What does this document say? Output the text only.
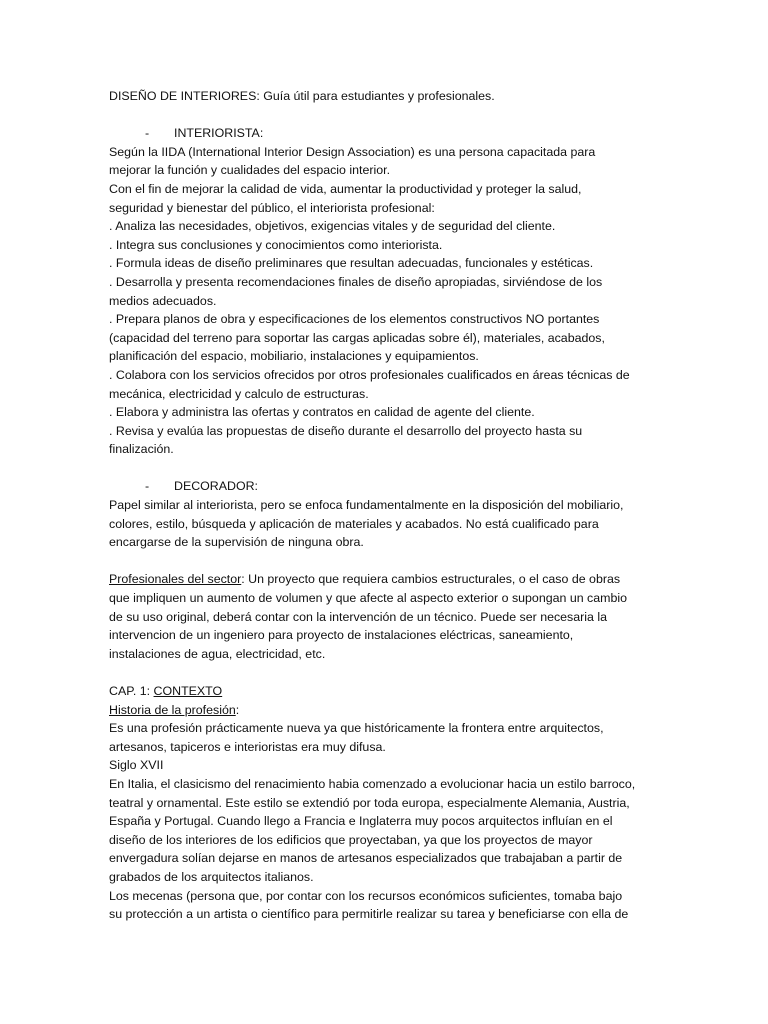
DISEÑO DE INTERIORES: Guía útil para estudiantes y profesionales.

-	INTERIORISTA:

Según la IIDA (International Interior Design Association) es una persona capacitada para

mejorar la función y cualidades del espacio interior.

Con el fin de mejorar la calidad de vida, aumentar la productividad y proteger la salud,

seguridad y bienestar del público, el interiorista profesional:

. Analiza las necesidades, objetivos, exigencias vitales y de seguridad del cliente.

. Integra sus conclusiones y conocimientos como interiorista.

. Formula ideas de diseño preliminares que resultan adecuadas, funcionales y estéticas.

. Desarrolla y presenta recomendaciones finales de diseño apropiadas, sirviéndose de los

medios adecuados.

. Prepara planos de obra y especificaciones de los elementos constructivos NO portantes

(capacidad del terreno para soportar las cargas aplicadas sobre él), materiales, acabados,

planificación del espacio, mobiliario, instalaciones y equipamientos.

. Colabora con los servicios ofrecidos por otros profesionales cualificados en áreas técnicas de

mecánica, electricidad y calculo de estructuras.

. Elabora y administra las ofertas y contratos en calidad de agente del cliente.

. Revisa y evalúa las propuestas de diseño durante el desarrollo del proyecto hasta su

finalización.

-	DECORADOR:

Papel similar al interiorista, pero se enfoca fundamentalmente en la disposición del mobiliario,

colores, estilo, búsqueda y aplicación de materiales y acabados. No está cualificado para

encargarse de la supervisión de ninguna obra.

Profesionales del sector: Un proyecto que requiera cambios estructurales, o el caso de obras

que impliquen un aumento de volumen y que afecte al aspecto exterior o supongan un cambio

de su uso original, deberá contar con la intervención de un técnico. Puede ser necesaria la

intervencion de un ingeniero para proyecto de instalaciones eléctricas, saneamiento,

instalaciones de agua, electricidad, etc.

CAP. 1: CONTEXTO

Historia de la profesión:

Es una profesión prácticamente nueva ya que históricamente la frontera entre arquitectos,

artesanos, tapiceros e interioristas era muy difusa.

Siglo XVII

En Italia, el clasicismo del renacimiento habia comenzado a evolucionar hacia un estilo barroco,

teatral y ornamental. Este estilo se extendió por toda europa, especialmente Alemania, Austria,

España y Portugal. Cuando llego a Francia e Inglaterra muy pocos arquitectos influían en el

diseño de los interiores de los edificios que proyectaban, ya que los proyectos de mayor

envergadura solían dejarse en manos de artesanos especializados que trabajaban a partir de

grabados de los arquitectos italianos.

Los mecenas (persona que, por contar con los recursos económicos suficientes, tomaba bajo

su protección a un artista o científico para permitirle realizar su tarea y beneficiarse con ella de
